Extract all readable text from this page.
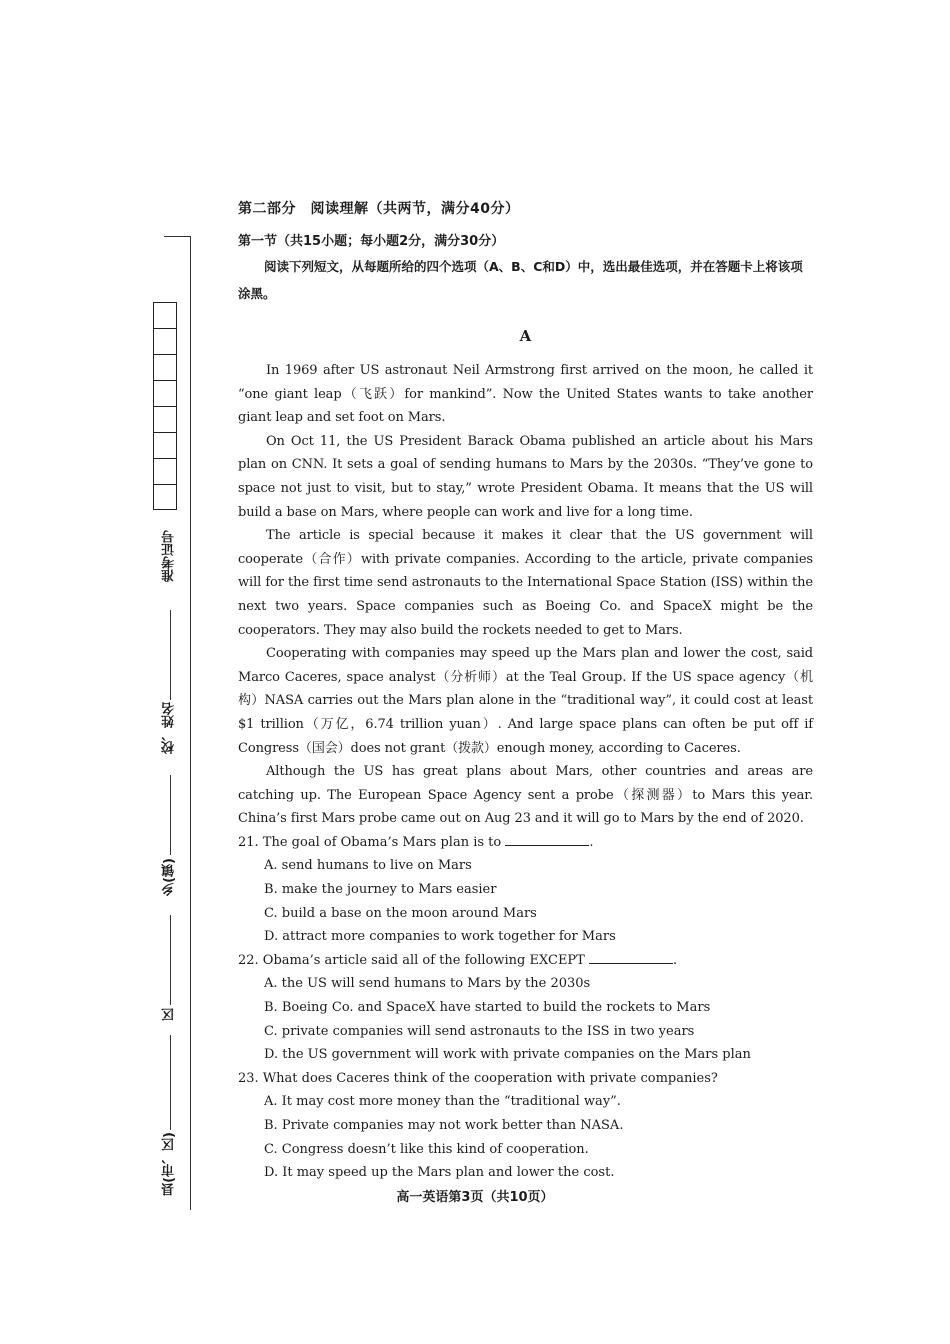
准考证号
校、姓名
乡(镇)
区
县(市、区)
第二部分　阅读理解（共两节，满分40分）
第一节（共15小题；每小题2分，满分30分）

阅读下列短文，从每题所给的四个选项（A、B、C和D）中，选出最佳选项，并在答题卡上将该项涂黑。

A

In 1969 after US astronaut Neil Armstrong first arrived on the moon, he called it “one giant leap（飞跃）for mankind”. Now the United States wants to take another giant leap and set foot on Mars.

On Oct 11, the US President Barack Obama published an article about his Mars plan on CNN. It sets a goal of sending humans to Mars by the 2030s. “They’ve gone to space not just to visit, but to stay,” wrote President Obama. It means that the US will build a base on Mars, where people can work and live for a long time.

The article is special because it makes it clear that the US government will cooperate（合作）with private companies. According to the article, private companies will for the first time send astronauts to the International Space Station (ISS) within the next two years. Space companies such as Boeing Co. and SpaceX might be the cooperators. They may also build the rockets needed to get to Mars.

Cooperating with companies may speed up the Mars plan and lower the cost, said Marco Caceres, space analyst（分析师）at the Teal Group. If the US space agency（机构）NASA carries out the Mars plan alone in the “traditional way”, it could cost at least $1 trillion（万亿，6.74 trillion yuan）. And large space plans can often be put off if Congress（国会）does not grant（拨款）enough money, according to Caceres.

Although the US has great plans about Mars, other countries and areas are catching up. The European Space Agency sent a probe（探测器）to Mars this year. China’s first Mars probe came out on Aug 23 and it will go to Mars by the end of 2020.

21. The goal of Obama’s Mars plan is to	.

A. send humans to live on Mars

B. make the journey to Mars easier

C. build a base on the moon around Mars

D. attract more companies to work together for Mars

22. Obama’s article said all of the following EXCEPT	.

A. the US will send humans to Mars by the 2030s

B. Boeing Co. and SpaceX have started to build the rockets to Mars

C. private companies will send astronauts to the ISS in two years

D. the US government will work with private companies on the Mars plan

23. What does Caceres think of the cooperation with private companies?

A. It may cost more money than the “traditional way”.

B. Private companies may not work better than NASA.

C. Congress doesn’t like this kind of cooperation.

D. It may speed up the Mars plan and lower the cost.

高一英语第3页（共10页）
